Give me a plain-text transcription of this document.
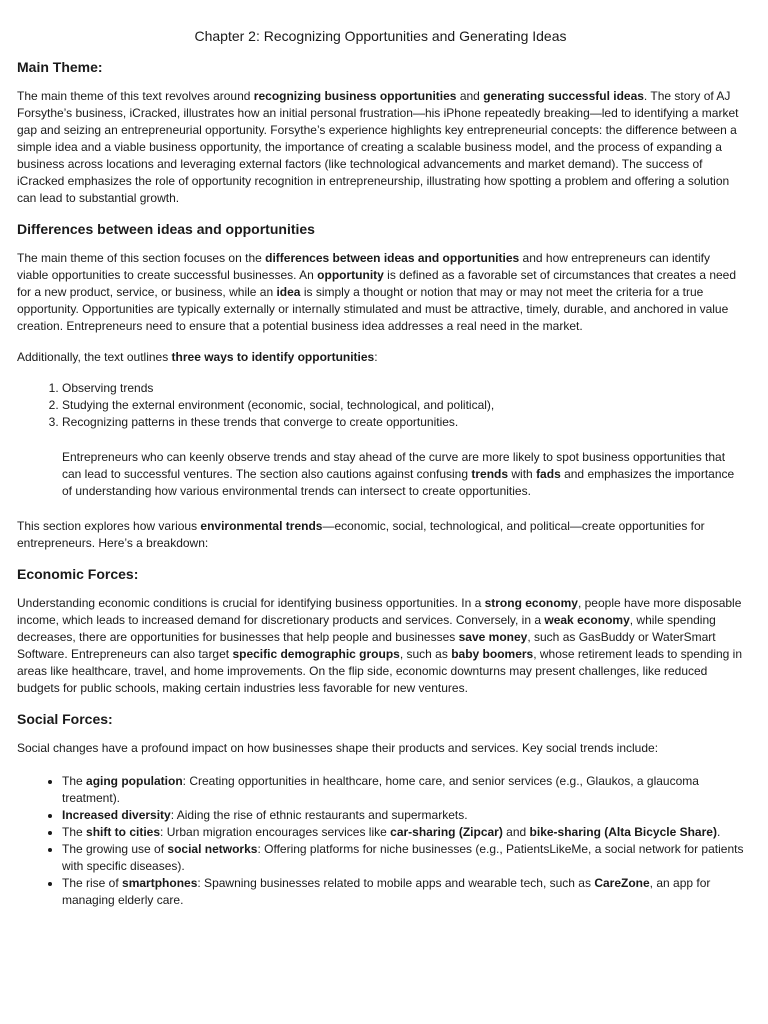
Chapter 2: Recognizing Opportunities and Generating Ideas
Main Theme:

The main theme of this text revolves around recognizing business opportunities and generating successful ideas. The story of AJ Forsythe’s business, iCracked, illustrates how an initial personal frustration—his iPhone repeatedly breaking—led to identifying a market gap and seizing an entrepreneurial opportunity. Forsythe’s experience highlights key entrepreneurial concepts: the difference between a simple idea and a viable business opportunity, the importance of creating a scalable business model, and the process of expanding a business across locations and leveraging external factors (like technological advancements and market demand). The success of iCracked emphasizes the role of opportunity recognition in entrepreneurship, illustrating how spotting a problem and offering a solution can lead to substantial growth.

Differences between ideas and opportunities

The main theme of this section focuses on the differences between ideas and opportunities and how entrepreneurs can identify viable opportunities to create successful businesses. An opportunity is defined as a favorable set of circumstances that creates a need for a new product, service, or business, while an idea is simply a thought or notion that may or may not meet the criteria for a true opportunity. Opportunities are typically externally or internally stimulated and must be attractive, timely, durable, and anchored in value creation. Entrepreneurs need to ensure that a potential business idea addresses a real need in the market.

Additionally, the text outlines three ways to identify opportunities:

1. Observing trends
2. Studying the external environment (economic, social, technological, and political),
3. Recognizing patterns in these trends that converge to create opportunities.

Entrepreneurs who can keenly observe trends and stay ahead of the curve are more likely to spot business opportunities that can lead to successful ventures. The section also cautions against confusing trends with fads and emphasizes the importance of understanding how various environmental trends can intersect to create opportunities.

This section explores how various environmental trends—economic, social, technological, and political—create opportunities for entrepreneurs. Here’s a breakdown:

Economic Forces:

Understanding economic conditions is crucial for identifying business opportunities. In a strong economy, people have more disposable income, which leads to increased demand for discretionary products and services. Conversely, in a weak economy, while spending decreases, there are opportunities for businesses that help people and businesses save money, such as GasBuddy or WaterSmart Software. Entrepreneurs can also target specific demographic groups, such as baby boomers, whose retirement leads to spending in areas like healthcare, travel, and home improvements. On the flip side, economic downturns may present challenges, like reduced budgets for public schools, making certain industries less favorable for new ventures.

Social Forces:

Social changes have a profound impact on how businesses shape their products and services. Key social trends include:

• The aging population: Creating opportunities in healthcare, home care, and senior services (e.g., Glaukos, a glaucoma treatment).
• Increased diversity: Aiding the rise of ethnic restaurants and supermarkets.
• The shift to cities: Urban migration encourages services like car-sharing (Zipcar) and bike-sharing (Alta Bicycle Share).
• The growing use of social networks: Offering platforms for niche businesses (e.g., PatientsLikeMe, a social network for patients with specific diseases).
• The rise of smartphones: Spawning businesses related to mobile apps and wearable tech, such as CareZone, an app for managing elderly care.
